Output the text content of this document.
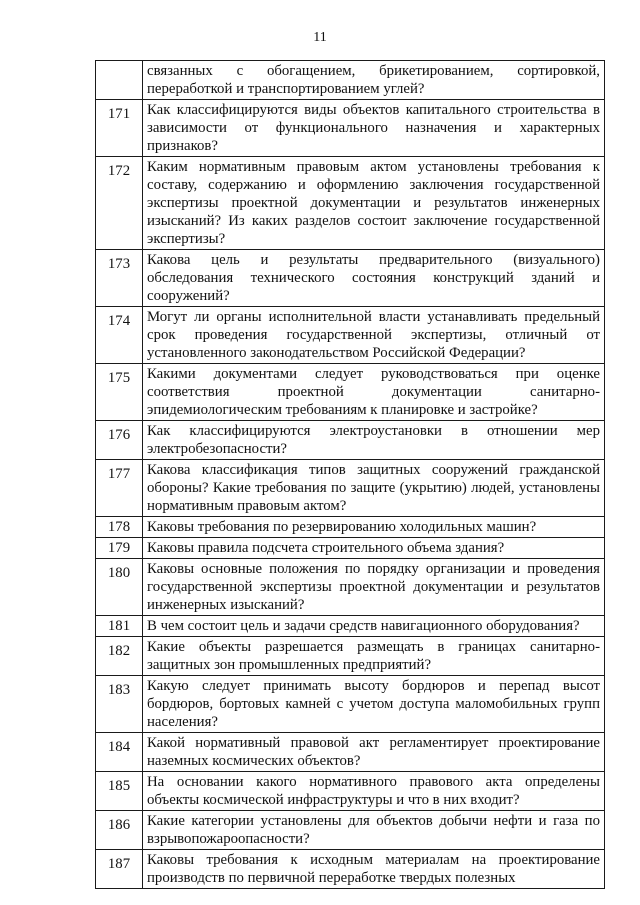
11
	связанных с обогащением, брикетированием, сортировкой, переработкой и транспортированием углей?
171	Как классифицируются виды объектов капитального строительства в зависимости от функционального назначения и характерных признаков?
172	Каким нормативным правовым актом установлены требования к составу, содержанию и оформлению заключения государственной экспертизы проектной документации и результатов инженерных изысканий? Из каких разделов состоит заключение государственной экспертизы?
173	Какова цель и результаты предварительного (визуального) обследования технического состояния конструкций зданий и сооружений?
174	Могут ли органы исполнительной власти устанавливать предельный срок проведения государственной экспертизы, отличный от установленного законодательством Российской Федерации?
175	Какими документами следует руководствоваться при оценке соответствия проектной документации санитарно-эпидемиологическим требованиям к планировке и застройке?
176	Как классифицируются электроустановки в отношении мер электробезопасности?
177	Какова классификация типов защитных сооружений гражданской обороны? Какие требования по защите (укрытию) людей, установлены нормативным правовым актом?
178	Каковы требования по резервированию холодильных машин?
179	Каковы правила подсчета строительного объема здания?
180	Каковы основные положения по порядку организации и проведения государственной экспертизы проектной документации и результатов инженерных изысканий?
181	В чем состоит цель и задачи средств навигационного оборудования?
182	Какие объекты разрешается размещать в границах санитарно-защитных зон промышленных предприятий?
183	Какую следует принимать высоту бордюров и перепад высот бордюров, бортовых камней с учетом доступа маломобильных групп населения?
184	Какой нормативный правовой акт регламентирует проектирование наземных космических объектов?
185	На основании какого нормативного правового акта определены объекты космической инфраструктуры и что в них входит?
186	Какие категории установлены для объектов добычи нефти и газа по взрывопожароопасности?
187	Каковы требования к исходным материалам на проектирование производств по первичной переработке твердых полезных
